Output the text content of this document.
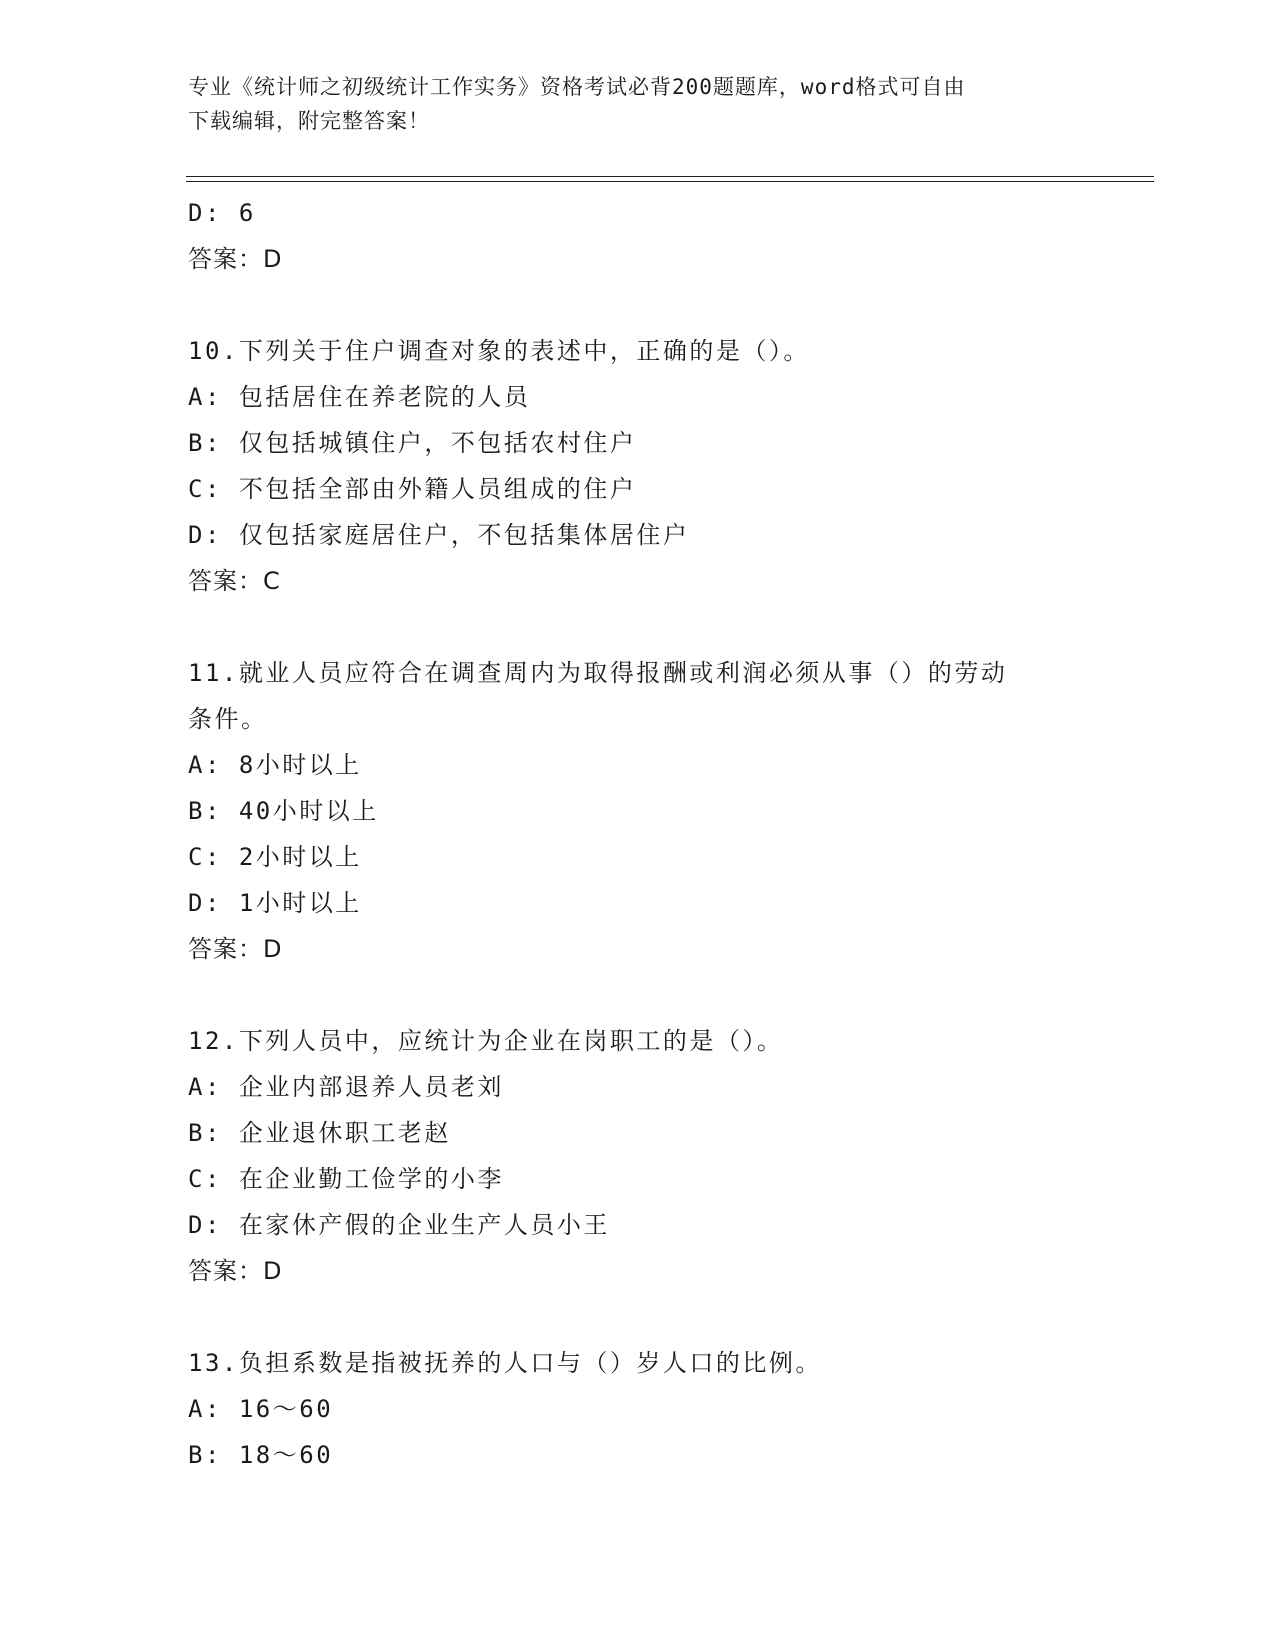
专业《统计师之初级统计工作实务》资格考试必背200题题库，word格式可自由
下载编辑，附完整答案！
D: 6
答案：D
10.下列关于住户调查对象的表述中，正确的是（）。
A: 包括居住在养老院的人员
B: 仅包括城镇住户，不包括农村住户
C: 不包括全部由外籍人员组成的住户
D: 仅包括家庭居住户，不包括集体居住户
答案：C
11.就业人员应符合在调查周内为取得报酬或利润必须从事（）的劳动
条件。
A: 8小时以上
B: 40小时以上
C: 2小时以上
D: 1小时以上
答案：D
12.下列人员中，应统计为企业在岗职工的是（）。
A: 企业内部退养人员老刘
B: 企业退休职工老赵
C: 在企业勤工俭学的小李
D: 在家休产假的企业生产人员小王
答案：D
13.负担系数是指被抚养的人口与（）岁人口的比例。
A: 16～60
B: 18～60
